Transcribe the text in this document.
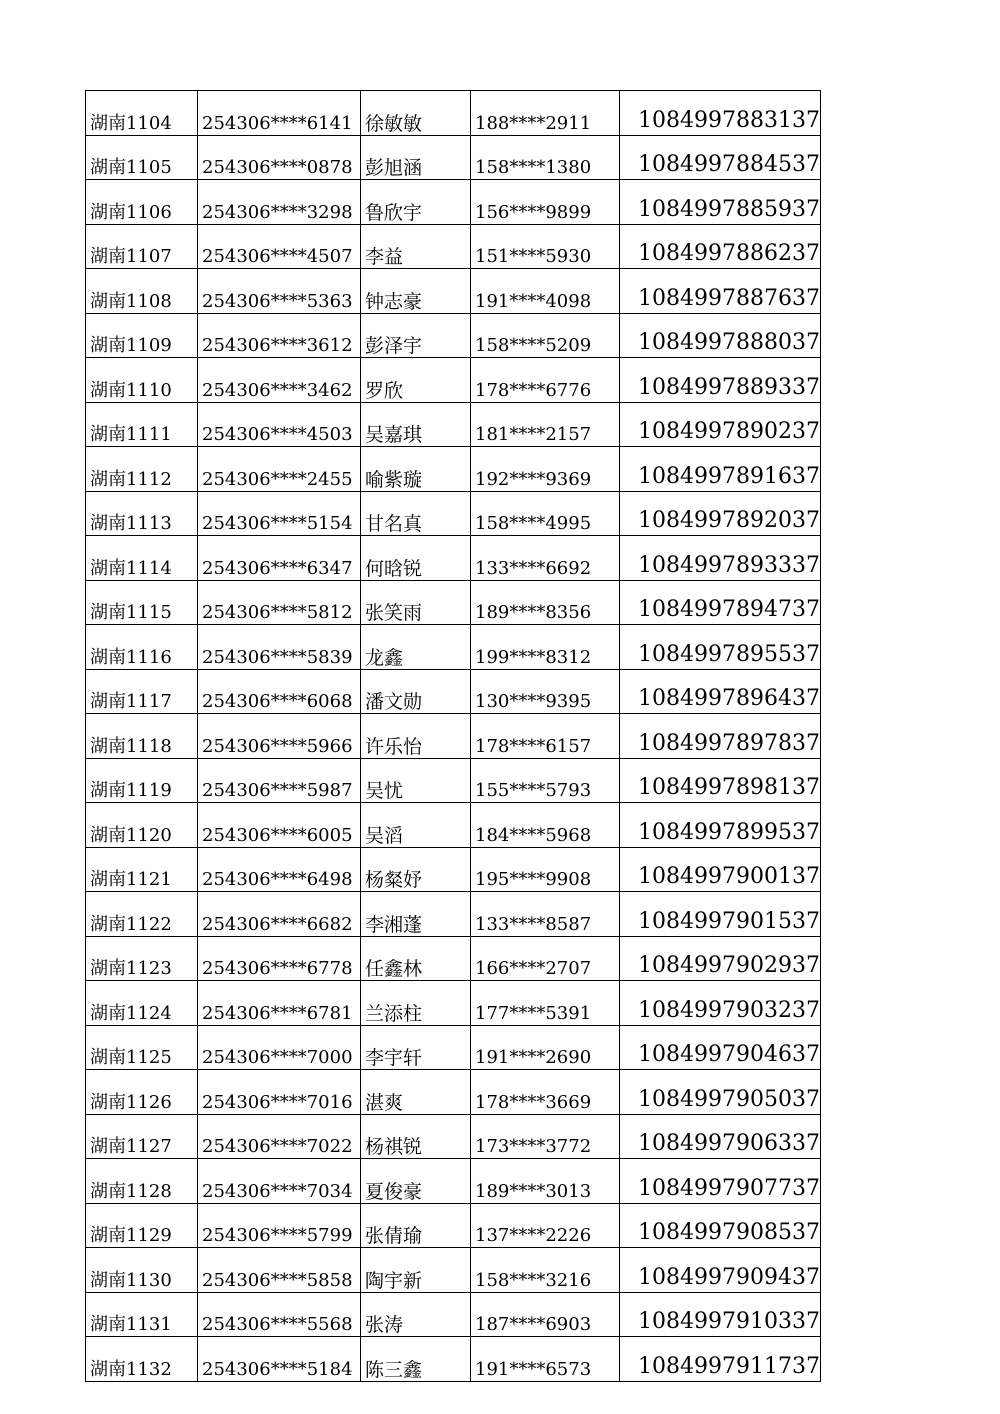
湖南1104	254306****6141	徐敏敏	188****2911	1084997883137
湖南1105	254306****0878	彭旭涵	158****1380	1084997884537
湖南1106	254306****3298	鲁欣宇	156****9899	1084997885937
湖南1107	254306****4507	李益	151****5930	1084997886237
湖南1108	254306****5363	钟志豪	191****4098	1084997887637
湖南1109	254306****3612	彭泽宇	158****5209	1084997888037
湖南1110	254306****3462	罗欣	178****6776	1084997889337
湖南1111	254306****4503	吴嘉琪	181****2157	1084997890237
湖南1112	254306****2455	喻紫璇	192****9369	1084997891637
湖南1113	254306****5154	甘名真	158****4995	1084997892037
湖南1114	254306****6347	何晗锐	133****6692	1084997893337
湖南1115	254306****5812	张笑雨	189****8356	1084997894737
湖南1116	254306****5839	龙鑫	199****8312	1084997895537
湖南1117	254306****6068	潘文勋	130****9395	1084997896437
湖南1118	254306****5966	许乐怡	178****6157	1084997897837
湖南1119	254306****5987	吴忧	155****5793	1084997898137
湖南1120	254306****6005	吴滔	184****5968	1084997899537
湖南1121	254306****6498	杨粲妤	195****9908	1084997900137
湖南1122	254306****6682	李湘蓬	133****8587	1084997901537
湖南1123	254306****6778	任鑫林	166****2707	1084997902937
湖南1124	254306****6781	兰添柱	177****5391	1084997903237
湖南1125	254306****7000	李宇轩	191****2690	1084997904637
湖南1126	254306****7016	湛爽	178****3669	1084997905037
湖南1127	254306****7022	杨祺锐	173****3772	1084997906337
湖南1128	254306****7034	夏俊豪	189****3013	1084997907737
湖南1129	254306****5799	张倩瑜	137****2226	1084997908537
湖南1130	254306****5858	陶宇新	158****3216	1084997909437
湖南1131	254306****5568	张涛	187****6903	1084997910337
湖南1132	254306****5184	陈三鑫	191****6573	1084997911737
